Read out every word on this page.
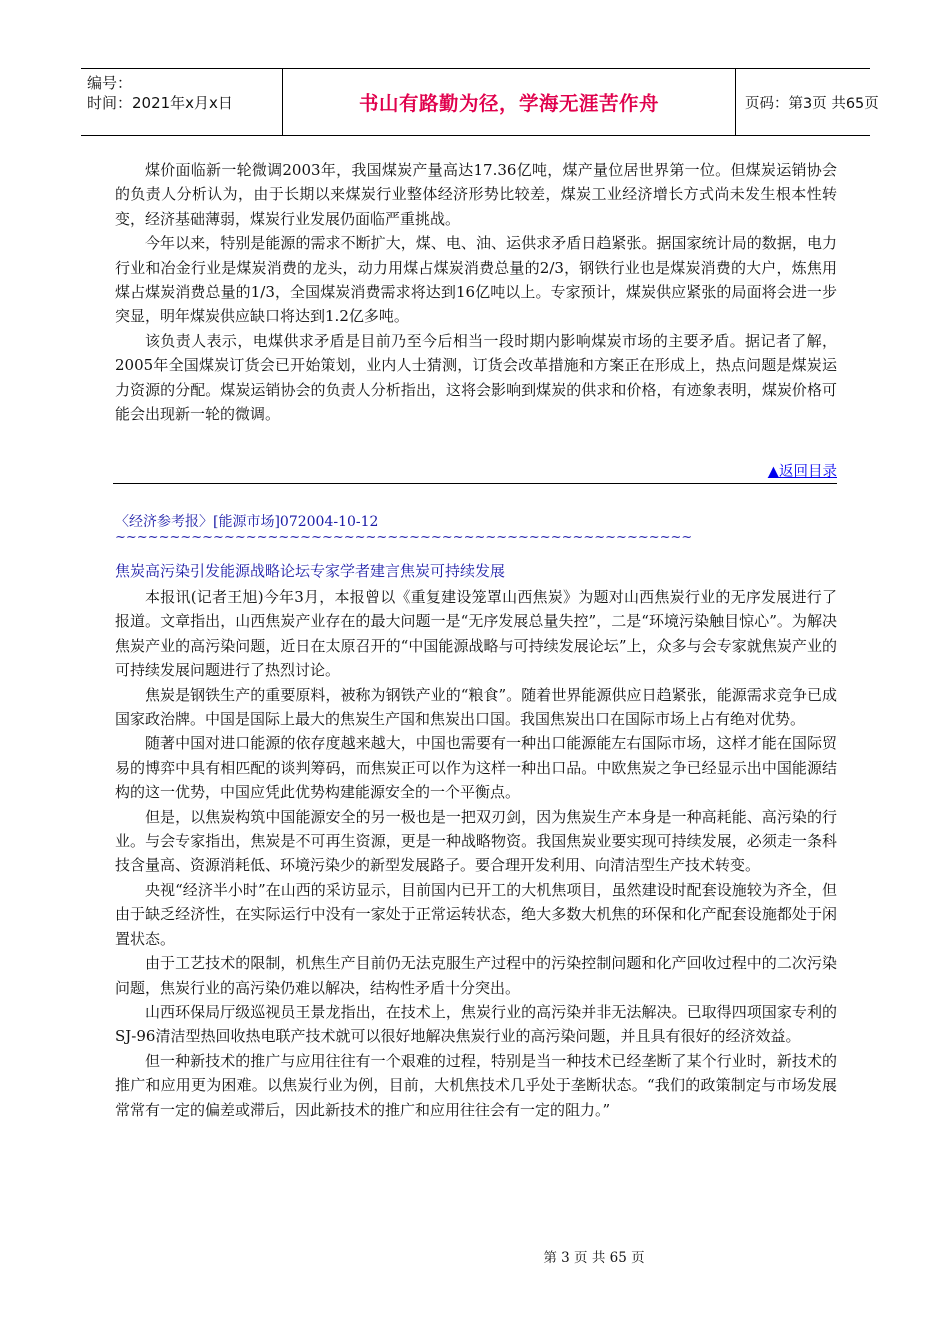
编号：
时间：2021年x月x日	书山有路勤为径，学海无涯苦作舟	页码：第3页 共65页

煤价面临新一轮微调2003年，我国煤炭产量高达17.36亿吨，煤产量位居世界第一位。但煤炭运销协会的负责人分析认为，由于长期以来煤炭行业整体经济形势比较差，煤炭工业经济增长方式尚未发生根本性转变，经济基础薄弱，煤炭行业发展仍面临严重挑战。

今年以来，特别是能源的需求不断扩大，煤、电、油、运供求矛盾日趋紧张。据国家统计局的数据，电力行业和冶金行业是煤炭消费的龙头，动力用煤占煤炭消费总量的2/3，钢铁行业也是煤炭消费的大户，炼焦用煤占煤炭消费总量的1/3，全国煤炭消费需求将达到16亿吨以上。专家预计，煤炭供应紧张的局面将会进一步突显，明年煤炭供应缺口将达到1.2亿多吨。

该负责人表示，电煤供求矛盾是目前乃至今后相当一段时期内影响煤炭市场的主要矛盾。据记者了解，2005年全国煤炭订货会已开始策划，业内人士猜测，订货会改革措施和方案正在形成上，热点问题是煤炭运力资源的分配。煤炭运销协会的负责人分析指出，这将会影响到煤炭的供求和价格，有迹象表明，煤炭价格可能会出现新一轮的微调。

▲返回目录
〈经济参考报〉[能源市场]072004-10-12
~~~~~~~~~~~~~~~~~~~~~~~~~~~~~~~~~~~~~~~~~~~~~~~~~~~~~
焦炭高污染引发能源战略论坛专家学者建言焦炭可持续发展

本报讯(记者王旭)今年3月，本报曾以《重复建设笼罩山西焦炭》为题对山西焦炭行业的无序发展进行了报道。文章指出，山西焦炭产业存在的最大问题一是“无序发展总量失控”，二是“环境污染触目惊心”。为解决焦炭产业的高污染问题，近日在太原召开的“中国能源战略与可持续发展论坛”上，众多与会专家就焦炭产业的可持续发展问题进行了热烈讨论。

焦炭是钢铁生产的重要原料，被称为钢铁产业的“粮食”。随着世界能源供应日趋紧张，能源需求竞争已成国家政治牌。中国是国际上最大的焦炭生产国和焦炭出口国。我国焦炭出口在国际市场上占有绝对优势。

随著中国对进口能源的依存度越来越大，中国也需要有一种出口能源能左右国际市场，这样才能在国际贸易的博弈中具有相匹配的谈判筹码，而焦炭正可以作为这样一种出口品。中欧焦炭之争已经显示出中国能源结构的这一优势，中国应凭此优势构建能源安全的一个平衡点。

但是，以焦炭构筑中国能源安全的另一极也是一把双刃剑，因为焦炭生产本身是一种高耗能、高污染的行业。与会专家指出，焦炭是不可再生资源，更是一种战略物资。我国焦炭业要实现可持续发展，必须走一条科技含量高、资源消耗低、环境污染少的新型发展路子。要合理开发利用、向清洁型生产技术转变。

央视“经济半小时”在山西的采访显示，目前国内已开工的大机焦项目，虽然建设时配套设施较为齐全，但由于缺乏经济性，在实际运行中没有一家处于正常运转状态，绝大多数大机焦的环保和化产配套设施都处于闲置状态。

由于工艺技术的限制，机焦生产目前仍无法克服生产过程中的污染控制问题和化产回收过程中的二次污染问题，焦炭行业的高污染仍难以解决，结构性矛盾十分突出。

山西环保局厅级巡视员王景龙指出，在技术上，焦炭行业的高污染并非无法解决。已取得四项国家专利的SJ-96清洁型热回收热电联产技术就可以很好地解决焦炭行业的高污染问题，并且具有很好的经济效益。

但一种新技术的推广与应用往往有一个艰难的过程，特别是当一种技术已经垄断了某个行业时，新技术的推广和应用更为困难。以焦炭行业为例，目前，大机焦技术几乎处于垄断状态。“我们的政策制定与市场发展常常有一定的偏差或滞后，因此新技术的推广和应用往往会有一定的阻力。”

第 3 页 共 65 页
